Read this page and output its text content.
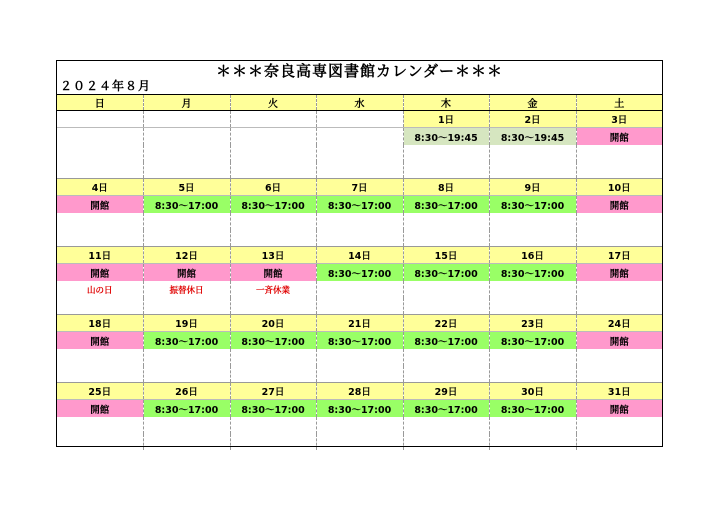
＊＊＊奈良高専図書館カレンダー＊＊＊
２０２４年８月
日	月	火	水	木	金	土
				1日	2日	3日
				8:30〜19:45	8:30〜19:45	開館

4日	5日	6日	7日	8日	9日	10日
開館	8:30〜17:00	8:30〜17:00	8:30〜17:00	8:30〜17:00	8:30〜17:00	開館

11日	12日	13日	14日	15日	16日	17日
開館	開館	開館	8:30〜17:00	8:30〜17:00	8:30〜17:00	開館
山の日	振替休日	一斉休業				

18日	19日	20日	21日	22日	23日	24日
開館	8:30〜17:00	8:30〜17:00	8:30〜17:00	8:30〜17:00	8:30〜17:00	開館

25日	26日	27日	28日	29日	30日	31日
開館	8:30〜17:00	8:30〜17:00	8:30〜17:00	8:30〜17:00	8:30〜17:00	開館
